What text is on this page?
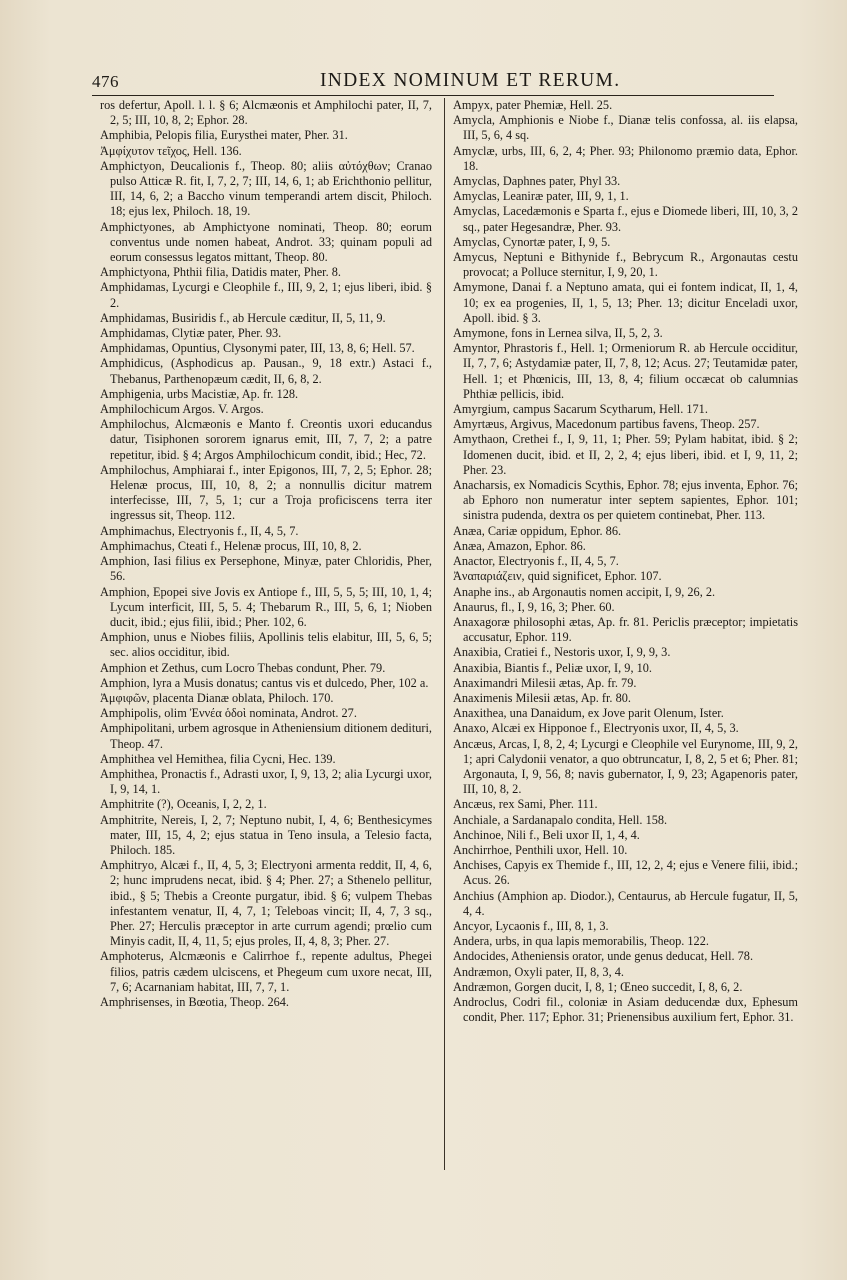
476	INDEX NOMINUM ET RERUM.
ros defertur, Apoll. l. l. § 6; Alcmæonis et Amphilochi pater, II, 7, 2, 5; III, 10, 8, 2; Ephor. 28.
Amphibia, Pelopis filia, Eurysthei mater, Pher. 31.
Ἀμφίχυτον τεῖχος, Hell. 136.
Amphictyon, Deucalionis f., Theop. 80; aliis αὐτόχθων; Cranao pulso Atticæ R. fit, I, 7, 2, 7; III, 14, 6, 1; ab Erichthonio pellitur, III, 14, 6, 2; a Baccho vinum temperandi artem discit, Philoch. 18; ejus lex, Philoch. 18, 19.
Amphictyones, ab Amphictyone nominati, Theop. 80; eorum conventus unde nomen habeat, Androt. 33; quinam populi ad eorum consessus legatos mittant, Theop. 80.
Amphictyona, Phthii filia, Datidis mater, Pher. 8.
Amphidamas, Lycurgi e Cleophile f., III, 9, 2, 1; ejus liberi, ibid. § 2.
Amphidamas, Busiridis f., ab Hercule cæditur, II, 5, 11, 9.
Amphidamas, Clytiæ pater, Pher. 93.
Amphidamas, Opuntius, Clysonymi pater, III, 13, 8, 6; Hell. 57.
Amphidicus, (Asphodicus ap. Pausan., 9, 18 extr.) Astaci f., Thebanus, Parthenopæum cædit, II, 6, 8, 2.
Amphigenia, urbs Macistiæ, Ap. fr. 128.
Amphilochicum Argos. V. Argos.
Amphilochus, Alcmæonis e Manto f. Creontis uxori educandus datur, Tisiphonen sororem ignarus emit, III, 7, 7, 2; a patre repetitur, ibid. § 4; Argos Amphilochicum condit, ibid.; Hec, 72.
Amphilochus, Amphiarai f., inter Epigonos, III, 7, 2, 5; Ephor. 28; Helenæ procus, III, 10, 8, 2; a nonnullis dicitur matrem interfecisse, III, 7, 5, 1; cur a Troja proficiscens terra iter ingressus sit, Theop. 112.
Amphimachus, Electryonis f., II, 4, 5, 7.
Amphimachus, Cteati f., Helenæ procus, III, 10, 8, 2.
Amphion, Iasi filius ex Persephone, Minyæ, pater Chloridis, Pher, 56.
Amphion, Epopei sive Jovis ex Antiope f., III, 5, 5, 5; III, 10, 1, 4; Lycum interficit, III, 5, 5. 4; Thebarum R., III, 5, 6, 1; Nioben ducit, ibid.; ejus filii, ibid.; Pher. 102, 6.
Amphion, unus e Niobes filiis, Apollinis telis elabitur, III, 5, 6, 5; sec. alios occiditur, ibid.
Amphion et Zethus, cum Locro Thebas condunt, Pher. 79.
Amphion, lyra a Musis donatus; cantus vis et dulcedo, Pher, 102 a.
Ἀμφιφῶν, placenta Dianæ oblata, Philoch. 170.
Amphipolis, olim Ἐννέα ὁδοὶ nominata, Androt. 27.
Amphipolitani, urbem agrosque in Atheniensium ditionem dedituri, Theop. 47.
Amphithea vel Hemithea, filia Cycni, Hec. 139.
Amphithea, Pronactis f., Adrasti uxor, I, 9, 13, 2; alia Lycurgi uxor, I, 9, 14, 1.
Amphitrite (?), Oceanis, I, 2, 2, 1.
Amphitrite, Nereis, I, 2, 7; Neptuno nubit, I, 4, 6; Benthesicymes mater, III, 15, 4, 2; ejus statua in Teno insula, a Telesio facta, Philoch. 185.
Amphitryo, Alcæi f., II, 4, 5, 3; Electryoni armenta reddit, II, 4, 6, 2; hunc imprudens necat, ibid. § 4; Pher. 27; a Sthenelo pellitur, ibid., § 5; Thebis a Creonte purgatur, ibid. § 6; vulpem Thebas infestantem venatur, II, 4, 7, 1; Teleboas vincit; II, 4, 7, 3 sq., Pher. 27; Herculis præceptor in arte currum agendi; prœlio cum Minyis cadit, II, 4, 11, 5; ejus proles, II, 4, 8, 3; Pher. 27.
Amphoterus, Alcmæonis e Calirrhoe f., repente adultus, Phegei filios, patris cædem ulciscens, et Phegeum cum uxore necat, III, 7, 6; Acarnaniam habitat, III, 7, 7, 1.
Amphrisenses, in Bœotia, Theop. 264.
Ampyx, pater Phemiæ, Hell. 25.
Amycla, Amphionis e Niobe f., Dianæ telis confossa, al. iis elapsa, III, 5, 6, 4 sq.
Amyclæ, urbs, III, 6, 2, 4; Pher. 93; Philonomo præmio data, Ephor. 18.
Amyclas, Daphnes pater, Phyl 33.
Amyclas, Leaniræ pater, III, 9, 1, 1.
Amyclas, Lacedæmonis e Sparta f., ejus e Diomede liberi, III, 10, 3, 2 sq., pater Hegesandræ, Pher. 93.
Amyclas, Cynortæ pater, I, 9, 5.
Amycus, Neptuni e Bithynide f., Bebrycum R., Argonautas cestu provocat; a Polluce sternitur, I, 9, 20, 1.
Amymone, Danai f. a Neptuno amata, qui ei fontem indicat, II, 1, 4, 10; ex ea progenies, II, 1, 5, 13; Pher. 13; dicitur Enceladi uxor, Apoll. ibid. § 3.
Amymone, fons in Lernea silva, II, 5, 2, 3.
Amyntor, Phrastoris f., Hell. 1; Ormeniorum R. ab Hercule occiditur, II, 7, 7, 6; Astydamiæ pater, II, 7, 8, 12; Acus. 27; Teutamidæ pater, Hell. 1; et Phœnicis, III, 13, 8, 4; filium occæcat ob calumnias Phthiæ pellicis, ibid.
Amyrgium, campus Sacarum Scytharum, Hell. 171.
Amyrtæus, Argivus, Macedonum partibus favens, Theop. 257.
Amythaon, Crethei f., I, 9, 11, 1; Pher. 59; Pylam habitat, ibid. § 2; Idomenen ducit, ibid. et II, 2, 2, 4; ejus liberi, ibid. et I, 9, 11, 2; Pher. 23.
Anacharsis, ex Nomadicis Scythis, Ephor. 78; ejus inventa, Ephor. 76; ab Ephoro non numeratur inter septem sapientes, Ephor. 101; sinistra pudenda, dextra os per quietem continebat, Pher. 113.
Anæa, Cariæ oppidum, Ephor. 86.
Anæa, Amazon, Ephor. 86.
Anactor, Electryonis f., II, 4, 5, 7.
Ἀναπαριάζειν, quid significet, Ephor. 107.
Anaphe ins., ab Argonautis nomen accipit, I, 9, 26, 2.
Anaurus, fl., I, 9, 16, 3; Pher. 60.
Anaxagoræ philosophi ætas, Ap. fr. 81. Periclis præceptor; impietatis accusatur, Ephor. 119.
Anaxibia, Cratiei f., Nestoris uxor, I, 9, 9, 3.
Anaxibia, Biantis f., Peliæ uxor, I, 9, 10.
Anaximandri Milesii ætas, Ap. fr. 79.
Anaximenis Milesii ætas, Ap. fr. 80.
Anaxithea, una Danaidum, ex Jove parit Olenum, Ister.
Anaxo, Alcæi ex Hipponoe f., Electryonis uxor, II, 4, 5, 3.
Ancæus, Arcas, I, 8, 2, 4; Lycurgi e Cleophile vel Eurynome, III, 9, 2, 1; apri Calydonii venator, a quo obtruncatur, I, 8, 2, 5 et 6; Pher. 81; Argonauta, I, 9, 56, 8; navis gubernator, I, 9, 23; Agapenoris pater, III, 10, 8, 2.
Ancæus, rex Sami, Pher. 111.
Anchiale, a Sardanapalo condita, Hell. 158.
Anchinoe, Nili f., Beli uxor II, 1, 4, 4.
Anchirrhoe, Penthili uxor, Hell. 10.
Anchises, Capyis ex Themide f., III, 12, 2, 4; ejus e Venere filii, ibid.; Acus. 26.
Anchius (Amphion ap. Diodor.), Centaurus, ab Hercule fugatur, II, 5, 4, 4.
Ancyor, Lycaonis f., III, 8, 1, 3.
Andera, urbs, in qua lapis memorabilis, Theop. 122.
Andocides, Atheniensis orator, unde genus deducat, Hell. 78.
Andræmon, Oxyli pater, II, 8, 3, 4.
Andræmon, Gorgen ducit, I, 8, 1; Œneo succedit, I, 8, 6, 2.
Androclus, Codri fil., coloniæ in Asiam deducendæ dux, Ephesum condit, Pher. 117; Ephor. 31; Prienensibus auxilium fert, Ephor. 31.
